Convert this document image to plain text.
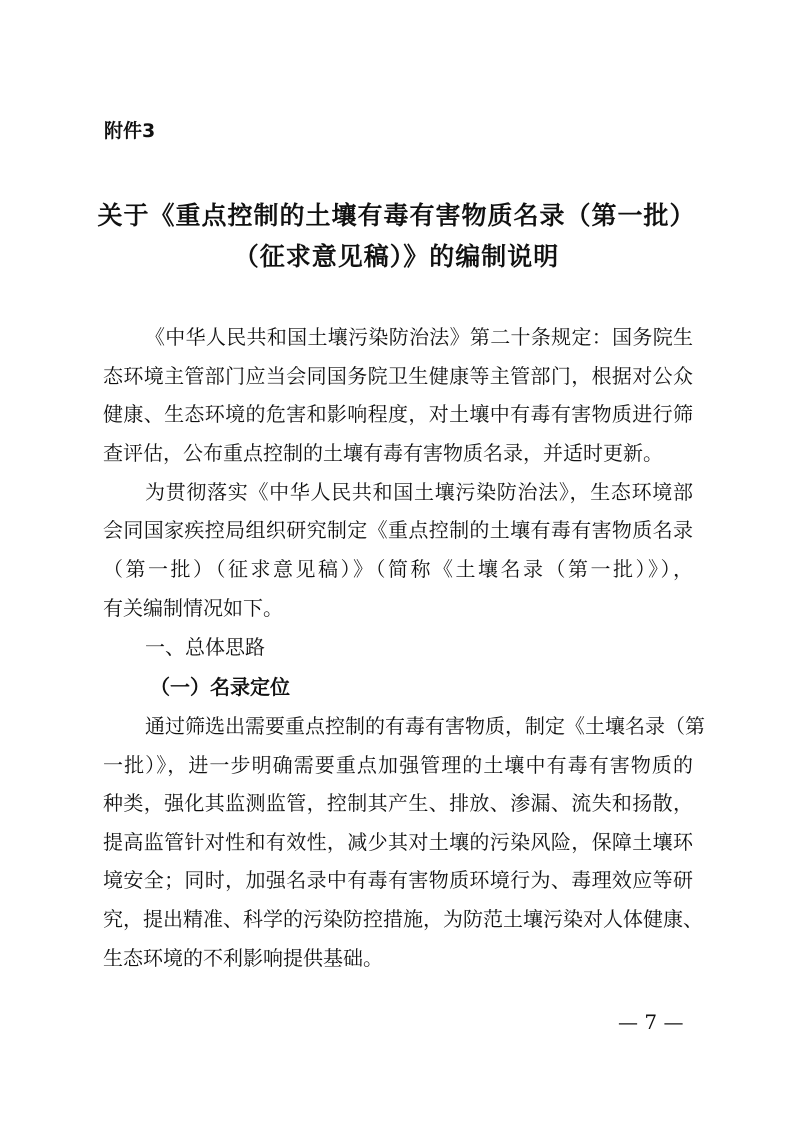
附件3
关于《重点控制的土壤有毒有害物质名录（第一批）
（征求意见稿）》的编制说明
《中华人民共和国土壤污染防治法》第二十条规定：国务院生
态环境主管部门应当会同国务院卫生健康等主管部门，根据对公众
健康、生态环境的危害和影响程度，对土壤中有毒有害物质进行筛
查评估，公布重点控制的土壤有毒有害物质名录，并适时更新。
为贯彻落实《中华人民共和国土壤污染防治法》，生态环境部
会同国家疾控局组织研究制定《重点控制的土壤有毒有害物质名录
（第一批）（征求意见稿）》（简称《土壤名录（第一批）》），
有关编制情况如下。
一、总体思路
（一）名录定位
通过筛选出需要重点控制的有毒有害物质，制定《土壤名录（第
一批）》，进一步明确需要重点加强管理的土壤中有毒有害物质的
种类，强化其监测监管，控制其产生、排放、渗漏、流失和扬散，
提高监管针对性和有效性，减少其对土壤的污染风险，保障土壤环
境安全；同时，加强名录中有毒有害物质环境行为、毒理效应等研
究，提出精准、科学的污染防控措施，为防范土壤污染对人体健康、
生态环境的不利影响提供基础。
— 7 —
